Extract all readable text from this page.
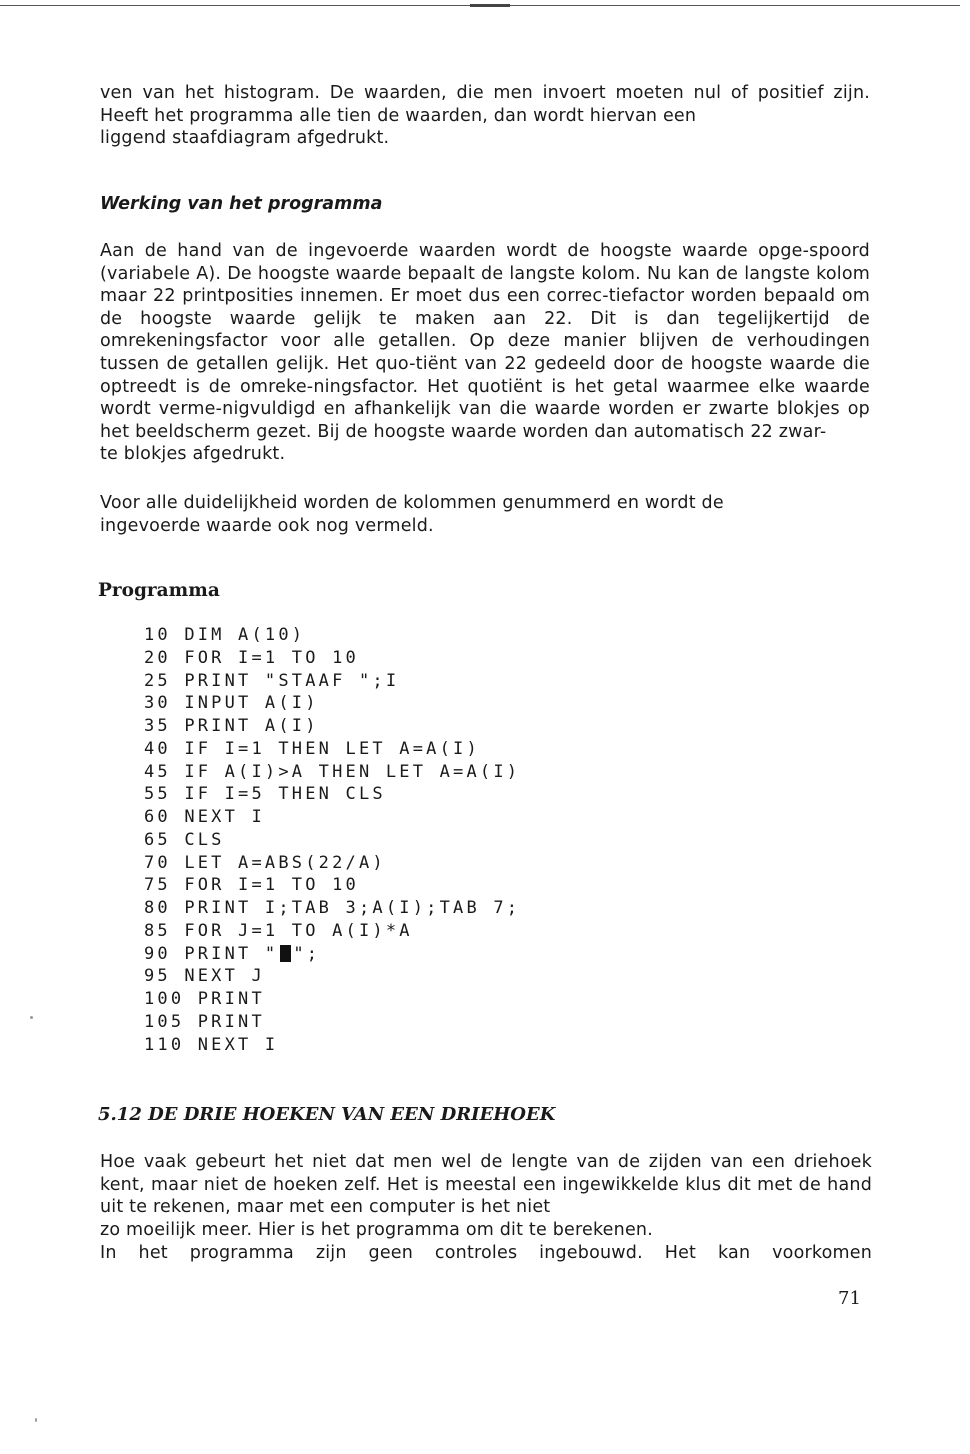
ven van het histogram. De waarden, die men invoert moeten nul of positief zijn. Heeft het programma alle tien de waarden, dan wordt hiervan een
liggend staafdiagram afgedrukt.

Werking van het programma

Aan de hand van de ingevoerde waarden wordt de hoogste waarde opge-spoord (variabele A). De hoogste waarde bepaalt de langste kolom. Nu kan de langste kolom maar 22 printposities innemen. Er moet dus een correc-tiefactor worden bepaald om de hoogste waarde gelijk te maken aan 22. Dit is dan tegelijkertijd de omrekeningsfactor voor alle getallen. Op deze manier blijven de verhoudingen tussen de getallen gelijk. Het quo-tiënt van 22 gedeeld door de hoogste waarde die optreedt is de omreke-ningsfactor. Het quotiënt is het getal waarmee elke waarde wordt verme-nigvuldigd en afhankelijk van die waarde worden er zwarte blokjes op het beeldscherm gezet. Bij de hoogste waarde worden dan automatisch 22 zwar-
te blokjes afgedrukt.

Voor alle duidelijkheid worden de kolommen genummerd en wordt de
ingevoerde waarde ook nog vermeld.

Programma
10 DIM A(10)
20 FOR I=1 TO 10
25 PRINT "STAAF ";I
30 INPUT A(I)
35 PRINT A(I)
40 IF I=1 THEN LET A=A(I)
45 IF A(I)>A THEN LET A=A(I)
55 IF I=5 THEN CLS
60 NEXT I
65 CLS
70 LET A=ABS(22/A)
75 FOR I=1 TO 10
80 PRINT I;TAB 3;A(I);TAB 7;
85 FOR J=1 TO A(I)*A
90 PRINT " ";
95 NEXT J
100 PRINT
105 PRINT
110 NEXT I
5.12 DE DRIE HOEKEN VAN EEN DRIEHOEK

Hoe vaak gebeurt het niet dat men wel de lengte van de zijden van een driehoek kent, maar niet de hoeken zelf. Het is meestal een ingewikkelde klus dit met de hand uit te rekenen, maar met een computer is het niet
zo moeilijk meer. Hier is het programma om dit te berekenen.

In het programma zijn geen controles ingebouwd. Het kan voorkomen

71
